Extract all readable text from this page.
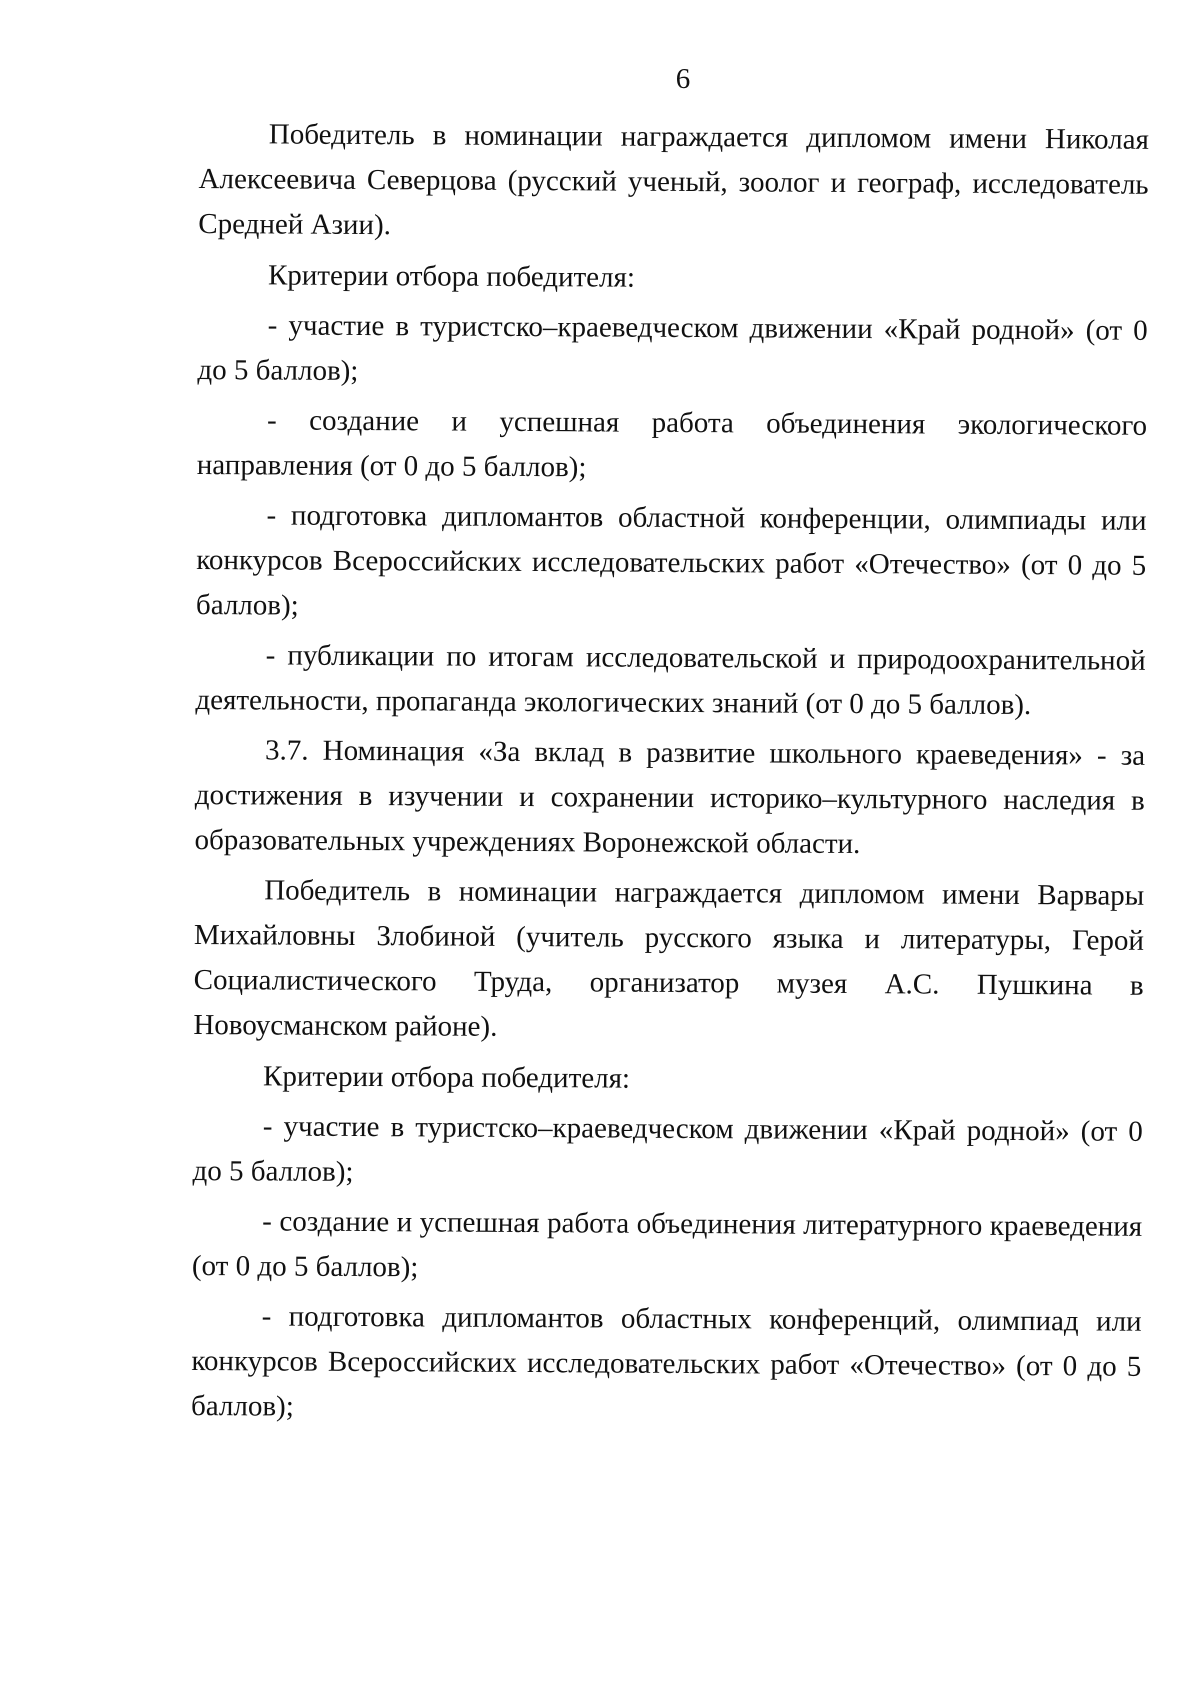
6

Победитель в номинации награждается дипломом имени Николая Алексеевича Северцова (русский ученый, зоолог и географ, исследователь Средней Азии).

Критерии отбора победителя:

- участие в туристско–краеведческом движении «Край родной» (от 0 до 5 баллов);

- создание и успешная работа объединения экологического направления (от 0 до 5 баллов);

- подготовка дипломантов областной конференции, олимпиады или конкурсов Всероссийских исследовательских работ «Отечество» (от 0 до 5 баллов);

- публикации по итогам исследовательской и природоохранительной деятельности, пропаганда экологических знаний (от 0 до 5 баллов).

3.7. Номинация «За вклад в развитие школьного краеведения» - за достижения в изучении и сохранении историко–культурного наследия в образовательных учреждениях Воронежской области.

Победитель в номинации награждается дипломом имени Варвары Михайловны Злобиной (учитель русского языка и литературы, Герой Социалистического Труда, организатор музея А.С. Пушкина в Новоусманском районе).

Критерии отбора победителя:

- участие в туристско–краеведческом движении «Край родной» (от 0 до 5 баллов);

- создание и успешная работа объединения литературного краеведения (от 0 до 5 баллов);

- подготовка дипломантов областных конференций, олимпиад или конкурсов Всероссийских исследовательских работ «Отечество» (от 0 до 5 баллов);
